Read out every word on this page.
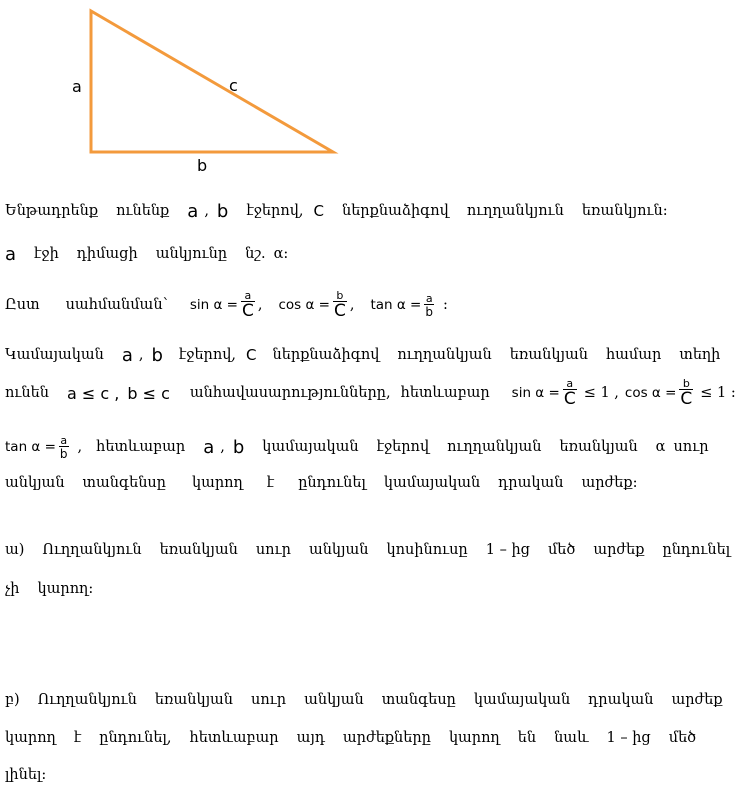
a	c
b
Ենթադրենք ունենք a , b էջերով, C ներքնաձիգով ուղղանկյուն եռանկյուն:
a էջի դիմացի անկյունը նշ. α:
Ըստ սահմանման՝ $\sin \alpha = \frac{a}{C}$ , $\cos \alpha = \frac{b}{C}$ , $\tan \alpha = \frac{a}{b}$ :
Կամայական a , b էջերով, C ներքնաձիգով ուղղանկյան եռանկյան համար տեղի
ունեն a ≤ c , b ≤ c անհավասարությունները, հետևաբար $\sin \alpha = \frac{a}{C} \le 1$ , $\cos \alpha = \frac{b}{C} \le 1$ :
$\tan \alpha = \frac{a}{b}$ , հետևաբար a , b կամայական էջերով ուղղանկյան եռանկյան α սուր
անկյան տանգենսը կարող է ընդունել կամայական դրական արժեք:
ա) Ուղղանկյուն եռանկյան սուր անկյան կոսինուսը 1 – ից մեծ արժեք ընդունել
չի կարող:
բ) Ուղղանկյուն եռանկյան սուր անկյան տանգեսը կամայական դրական արժեք
կարող է ընդունել, հետևաբար այդ արժեքները կարող են նաև 1 – ից մեծ
լինել:
